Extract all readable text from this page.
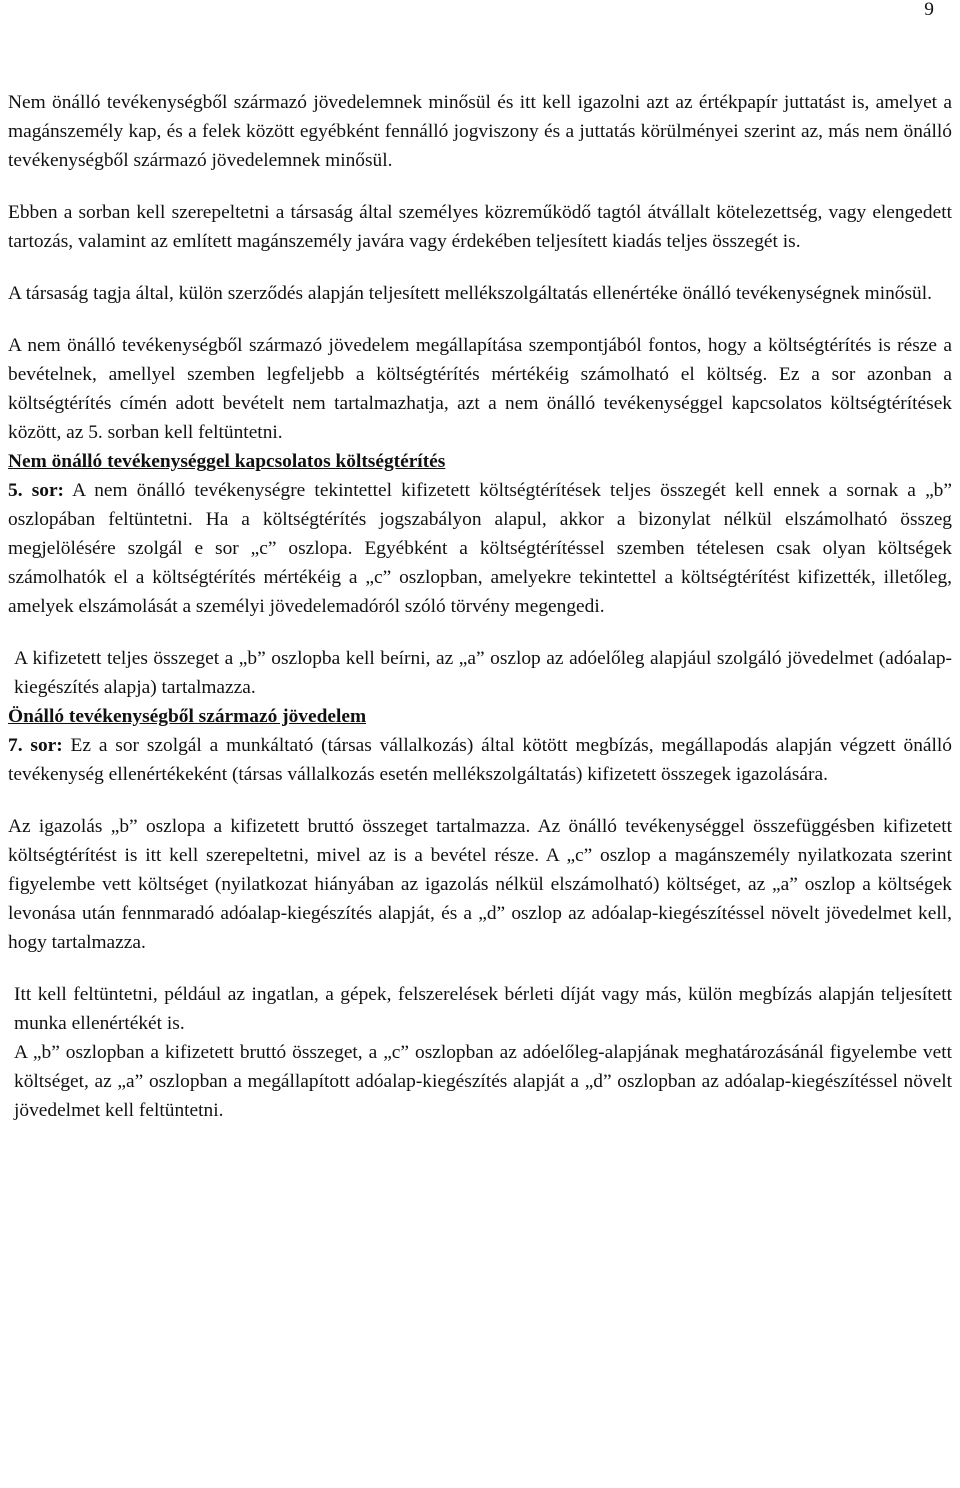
9

Nem önálló tevékenységből származó jövedelemnek minősül és itt kell igazolni azt az értékpapír juttatást is, amelyet a magánszemély kap, és a felek között egyébként fennálló jogviszony és a juttatás körülményei szerint az, más nem önálló tevékenységből származó jövedelemnek minősül.

Ebben a sorban kell szerepeltetni a társaság által személyes közreműködő tagtól átvállalt kötelezettség, vagy elengedett tartozás, valamint az említett magánszemély javára vagy érdekében teljesített kiadás teljes összegét is.

A társaság tagja által, külön szerződés alapján teljesített mellékszolgáltatás ellenértéke önálló tevékenységnek minősül.

A nem önálló tevékenységből származó jövedelem megállapítása szempontjából fontos, hogy a költségtérítés is része a bevételnek, amellyel szemben legfeljebb a költségtérítés mértékéig számolható el költség. Ez a sor azonban a költségtérítés címén adott bevételt nem tartalmazhatja, azt a nem önálló tevékenységgel kapcsolatos költségtérítések között, az 5. sorban kell feltüntetni.

Nem önálló tevékenységgel kapcsolatos költségtérítés

5. sor: A nem önálló tevékenységre tekintettel kifizetett költségtérítések teljes összegét kell ennek a sornak a „b” oszlopában feltüntetni. Ha a költségtérítés jogszabályon alapul, akkor a bizonylat nélkül elszámolható összeg megjelölésére szolgál e sor „c” oszlopa. Egyébként a költségtérítéssel szemben tételesen csak olyan költségek számolhatók el a költségtérítés mértékéig a „c” oszlopban, amelyekre tekintettel a költségtérítést kifizették, illetőleg, amelyek elszámolását a személyi jövedelemadóról szóló törvény megengedi.

A kifizetett teljes összeget a „b” oszlopba kell beírni, az „a” oszlop az adóelőleg alapjául szolgáló jövedelmet (adóalap-kiegészítés alapja) tartalmazza.

Önálló tevékenységből származó jövedelem

7. sor: Ez a sor szolgál a munkáltató (társas vállalkozás) által kötött megbízás, megállapodás alapján végzett önálló tevékenység ellenértékeként (társas vállalkozás esetén mellékszolgáltatás) kifizetett összegek igazolására.

Az igazolás „b” oszlopa a kifizetett bruttó összeget tartalmazza. Az önálló tevékenységgel összefüggésben kifizetett költségtérítést is itt kell szerepeltetni, mivel az is a bevétel része. A „c” oszlop a magánszemély nyilatkozata szerint figyelembe vett költséget (nyilatkozat hiányában az igazolás nélkül elszámolható) költséget, az „a” oszlop a költségek levonása után fennmaradó adóalap-kiegészítés alapját, és a „d” oszlop az adóalap-kiegészítéssel növelt jövedelmet kell, hogy tartalmazza.

Itt kell feltüntetni, például az ingatlan, a gépek, felszerelések bérleti díját vagy más, külön megbízás alapján teljesített munka ellenértékét is.

A „b” oszlopban a kifizetett bruttó összeget, a „c” oszlopban az adóelőleg-alapjának meghatározásánál figyelembe vett költséget, az „a” oszlopban a megállapított adóalap-kiegészítés alapját a „d” oszlopban az adóalap-kiegészítéssel növelt jövedelmet kell feltüntetni.
